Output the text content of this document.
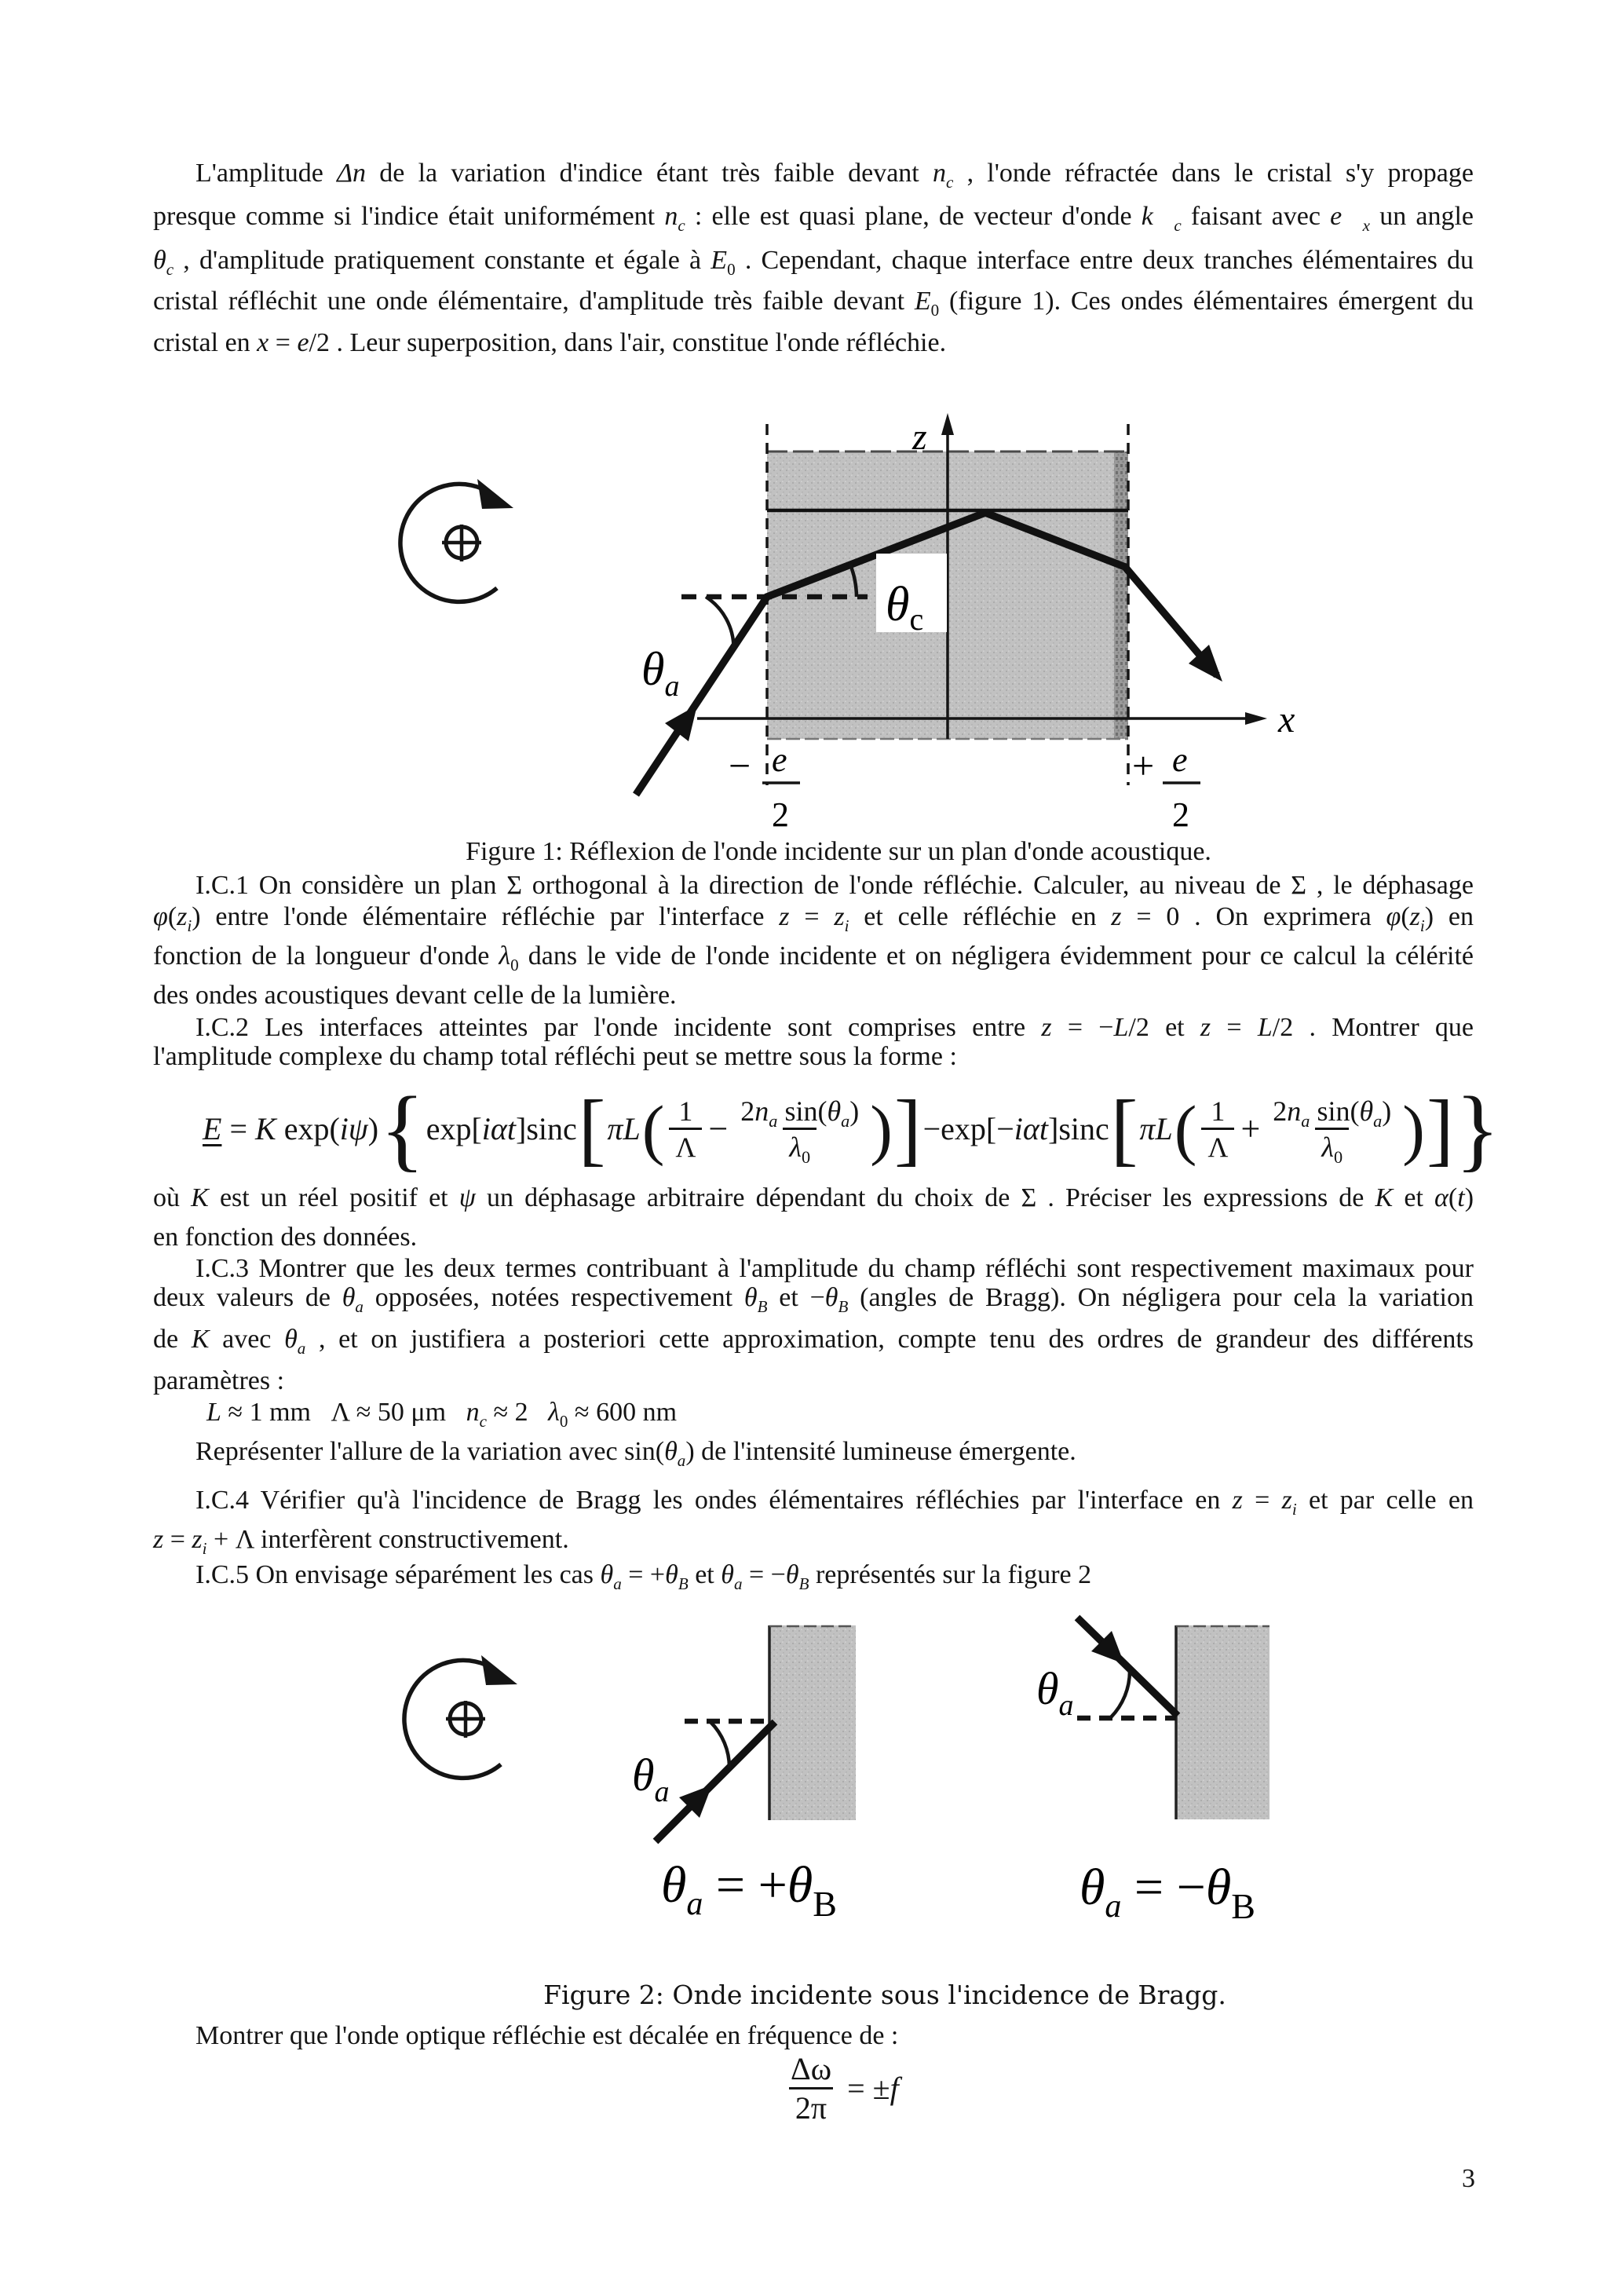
L'amplitude Δn de la variation d'indice étant très faible devant $n_c$ , l'onde réfractée dans le cristal s'y propage
presque comme si l'indice était uniformément $n_c$ : elle est quasi plane, de vecteur d'onde $k⃗_c$ faisant avec $e⃗_x$ un angle
$\theta_c$ , d'amplitude pratiquement constante et égale à $E_0$ . Cependant, chaque interface entre deux tranches élémentaires du
cristal réfléchit une onde élémentaire, d'amplitude très faible devant $E_0$ (figure 1). Ces ondes élémentaires émergent du
cristal en x = e/2 . Leur superposition, dans l'air, constitue l'onde réfléchie.
z
x
$\theta_a$
θc
− e
2
+ e
2
Figure 1: Réflexion de l'onde incidente sur un plan d'onde acoustique.
I.C.1 On considère un plan Σ orthogonal à la direction de l'onde réfléchie. Calculer, au niveau de Σ , le déphasage
$\varphi(z_i)$ entre l'onde élémentaire réfléchie par l'interface $z = z_i$ et celle réfléchie en z = 0 . On exprimera $\varphi(z_i)$ en
fonction de la longueur d'onde $\lambda_0$ dans le vide de l'onde incidente et on négligera évidemment pour ce calcul la célérité
des ondes acoustiques devant celle de la lumière.
I.C.2 Les interfaces atteintes par l'onde incidente sont comprises entre z = −L/2 et z = L/2 . Montrer que
l'amplitude complexe du champ total réfléchi peut se mettre sous la forme :
E = K exp(iψ) { exp[iαt]sinc [ πL ( $\frac{1}{\Lambda} - \frac{2n_a \sin(\theta_a)}{\lambda_0}$ ) ] −exp[−iαt]sinc [ πL ( $\frac{1}{\Lambda} + \frac{2n_a \sin(\theta_a)}{\lambda_0}$ ) ] }
où K est un réel positif et ψ un déphasage arbitraire dépendant du choix de Σ . Préciser les expressions de K et α(t)
en fonction des données.
I.C.3 Montrer que les deux termes contribuant à l'amplitude du champ réfléchi sont respectivement maximaux pour
deux valeurs de $\theta_a$ opposées, notées respectivement $\theta_B$ et $-\theta_B$ (angles de Bragg). On négligera pour cela la variation
de K avec $\theta_a$ , et on justifiera a posteriori cette approximation, compte tenu des ordres de grandeur des différents
paramètres :
L ≈ 1 mm   Λ ≈ 50 μm   $n_c \approx 2$   $\lambda_0 \approx 600$ nm
Représenter l'allure de la variation avec $\sin(\theta_a)$ de l'intensité lumineuse émergente.
I.C.4 Vérifier qu'à l'incidence de Bragg les ondes élémentaires réfléchies par l'interface en $z = z_i$ et par celle en
$z = z_i + \Lambda$ interfèrent constructivement.
I.C.5 On envisage séparément les cas $\theta_a = +\theta_B$ et $\theta_a = -\theta_B$ représentés sur la figure 2
$\theta_a$
$\theta_a = +\theta_B$
$\theta_a$
$\theta_a = -\theta_B$
Figure 2: Onde incidente sous l'incidence de Bragg.
Montrer que l'onde optique réfléchie est décalée en fréquence de :
$\frac{\Delta\omega}{2\pi} = \pm f$
3
